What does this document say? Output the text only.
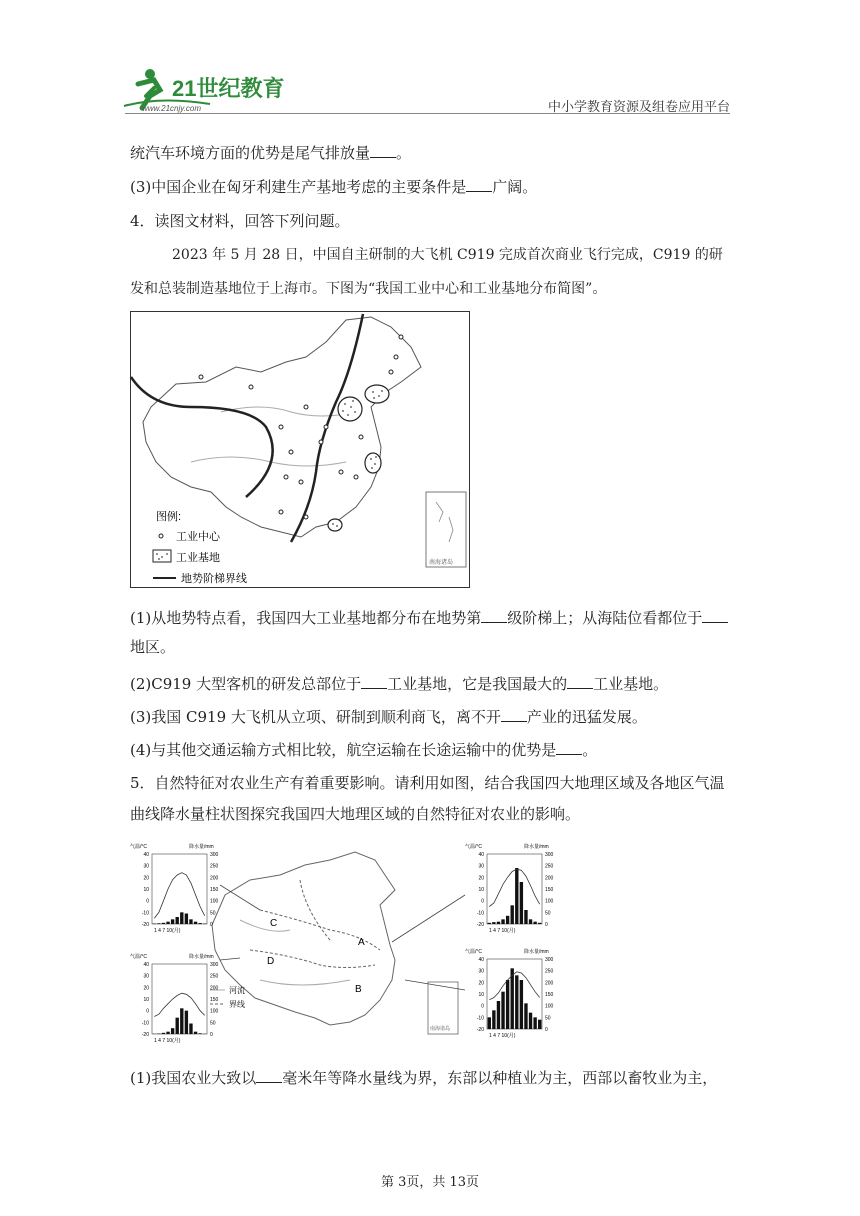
21世纪教育
www.21cnjy.com	中小学教育资源及组卷应用平台
统汽车环境方面的优势是尾气排放量 。
(3)中国企业在匈牙利建生产基地考虑的主要条件是 广阔。
4．读图文材料，回答下列问题。
2023 年 5 月 28 日，中国自主研制的大飞机 C919 完成首次商业飞行完成，C919 的研
发和总装制造基地位于上海市。下图为“我国工业中心和工业基地分布简图”。
南海诸岛
图例:
工业中心
工业基地
地势阶梯界线
(1)从地势特点看，我国四大工业基地都分布在地势第 级阶梯上；从海陆位看都位于
地区。
(2)C919 大型客机的研发总部位于 工业基地，它是我国最大的 工业基地。
(3)我国 C919 大飞机从立项、研制到顺利商飞，离不开 产业的迅猛发展。
(4)与其他交通运输方式相比较，航空运输在长途运输中的优势是 。
5．自然特征对农业生产有着重要影响。请利用如图，结合我国四大地理区域及各地区气温
曲线降水量柱状图探究我国四大地理区域的自然特征对农业的影响。
C
A
B
D
河流
界线
南海诸岛
气温/°C	降水量/mm
40	300
30	250
20	200
10	150
0	100
-10	50
-20	0
1 4 7 10(月)
气温/°C	降水量/mm
40	300
30	250
20	200
10	150
0	100
-10	50
-20	0
1 4 7 10(月)
气温/°C	降水量/mm
40	300
30	250
20	200
10	150
0	100
-10	50
-20	0
1 4 7 10(月)
气温/°C	降水量/mm
40	300
30	250
20	200
10	150
0	100
-10	50
-20	0
1 4 7 10(月)
(1)我国农业大致以 毫米年等降水量线为界，东部以种植业为主，西部以畜牧业为主，
第 3页，共 13页
